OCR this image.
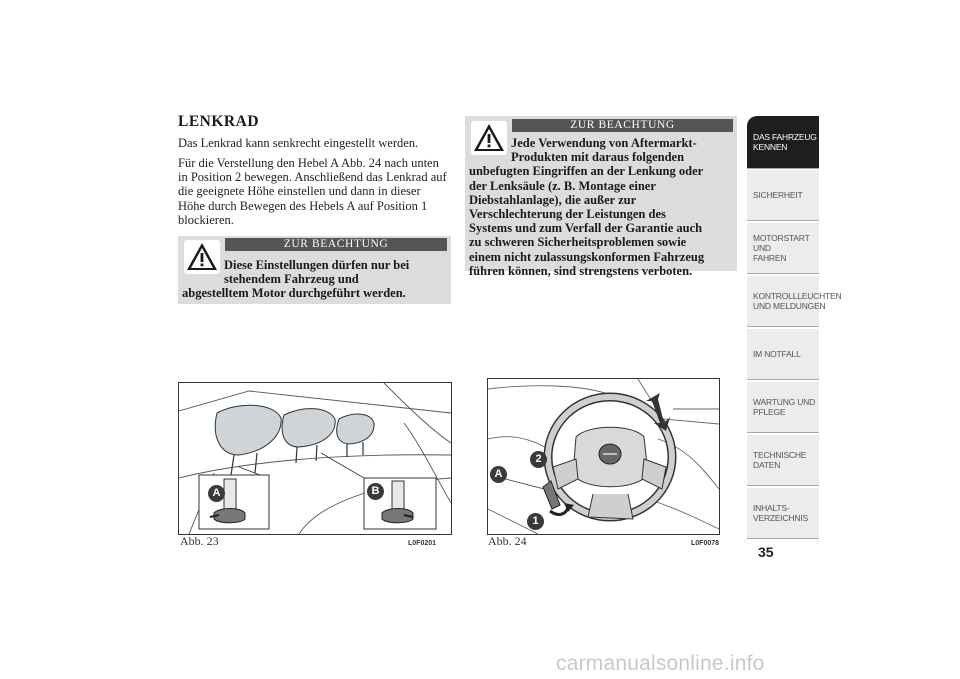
LENKRAD
Das Lenkrad kann senkrecht eingestellt werden.
Für die Verstellung den Hebel A Abb. 24 nach unten in Position 2 bewegen. Anschließend das Lenkrad auf die geeignete Höhe einstellen und dann in dieser Höhe durch Bewegen des Hebels A auf Position 1 blockieren.
ZUR BEACHTUNG
Diese Einstellungen dürfen nur bei
stehendem Fahrzeug und
abgestelltem Motor durchgeführt werden.
ZUR BEACHTUNG
Jede Verwendung von Aftermarkt-
Produkten mit daraus folgenden
unbefugten Eingriffen an der Lenkung oder
der Lenksäule (z. B. Montage einer
Diebstahlanlage), die außer zur
Verschlechterung der Leistungen des
Systems und zum Verfall der Garantie auch
zu schweren Sicherheitsproblemen sowie
einem nicht zulassungskonformen Fahrzeug
führen können, sind strengstens verboten.
A	B
Abb. 23	L0F0201
A
2
1
Abb. 24	L0F0078
DAS FAHRZEUG
KENNEN
SICHERHEIT
MOTORSTART UND
FAHREN
KONTROLLLEUCHTEN
UND MELDUNGEN
IM NOTFALL
WARTUNG UND
PFLEGE
TECHNISCHE
DATEN
INHALTS-
VERZEICHNIS
35
carmanualsonline.info
